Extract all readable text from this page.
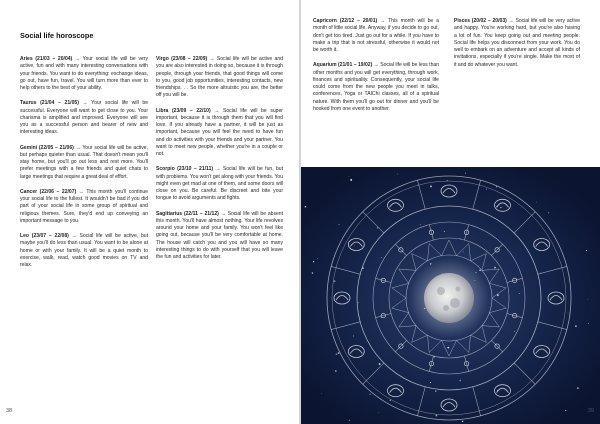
Social life horoscope

Aries (21/03 – 20/04) → Your social life will be very active, fun and with many interesting conversations with your friends. You want to do everything: exchange ideas, go out, have fun, travel. You will turn more than ever to help others to the best of your ability.

Taurus (21/04 – 21/05) → Your social life will be successful. Everyone will want to get close to you. Your charisma is amplified and improved. Everyone will see you as a successful person and bearer of new and interesting ideas.

Gemini (22/05 – 21/06) → Your social life will be active, but perhaps quieter than usual. That doesn't mean you'll stay home, but you'll go out less and rest more. You'll prefer meetings with a few friends and quiet chats to large meetings that require a great deal of effort.

Cancer (22/06 – 22/07) → This month you'll continue your social life to the fullest. It wouldn't be bad if you did part of your social life in some group of spiritual and religious themes. Sure, they'd end up conveying an important message to you.

Leo (23/07 – 22/08) → Social life will be active, but maybe you'll do less than usual. You want to be alone at home or with your family. It will be a quiet month to exercise, walk, read, watch good movies on TV and relax.

Virgo (23/08 – 22/09) → Social life will be active and you are also interested in doing so, because it is through people, through your friends, that good things will come to you, good job opportunities, interesting contacts, new friendships. . . So the more altruistic you are, the better off you will be.

Libra (23/09 – 22/10) → Social life will be super important, because it is through them that you will find love. If you already have a partner, it will be just as important, because you will feel the need to have fun and do activities with your friends and your partner. You want to meet new people, whether you're in a couple or not.

Scorpio (23/10 – 21/11) → Social life will be fun, but with problems. You won't get along with your friends. You might even get mad at one of them, and some doors will close on you. Be careful. Be discreet and bite your tongue to avoid arguments and fights.

Sagittarius (22/11 – 21/12) → Social life will be absent this month. You'll have almost nothing. Your life revolves around your home and your family. You won't feel like going out, because you'll be very comfortable at home. The house will catch you and you will have so many interesting things to do with yourself that you will leave the fun and activities for later.

38

Capricorn (22/12 – 20/01) → This month will be a month of little social life. Anyway, if you decide to go out, don't get too tired. Just go out for a while. If you have to make a trip that is not stressful, otherwise it would not be worth it.

Aquarium (21/01 – 19/02) → Social life will be less than other months and you will get everything, through work, finances and spirituality. Consequently, your social life could come from the new people you meet in talks, conferences, Yoga or TAIChi classes, all of a spiritual nature. With them you'll go out for dinner and you'll be hooked from one event to another.

Pisces (20/02 – 20/03) → Social life will be very active and happy. You're working hard, but you're also having a lot of fun. You keep going out and meeting people. Social life helps you disconnect from your work. You do well to embark on an adventure and accept all kinds of invitations, especially if you're single. Make the most of it and do whatever you want.

39
